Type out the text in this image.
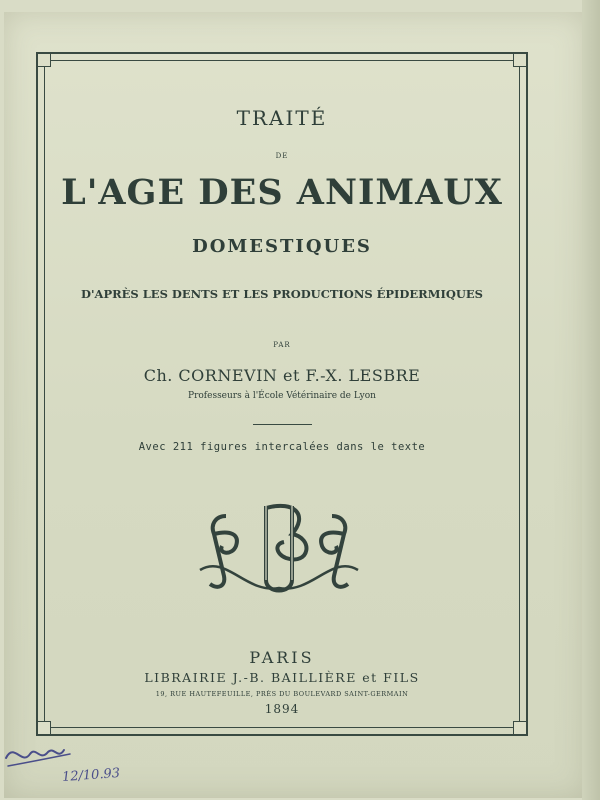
TRAITÉ
DE
L'AGE DES ANIMAUX
DOMESTIQUES
D'APRÈS LES DENTS ET LES PRODUCTIONS ÉPIDERMIQUES
PAR
Ch. CORNEVIN et F.-X. LESBRE
Professeurs à l'École Vétérinaire de Lyon
Avec 211 figures intercalées dans le texte
PARIS
LIBRAIRIE J.-B. BAILLIÈRE et FILS
19, RUE HAUTEFEUILLE, PRÈS DU BOULEVARD SAINT-GERMAIN
1894
12/10.93
